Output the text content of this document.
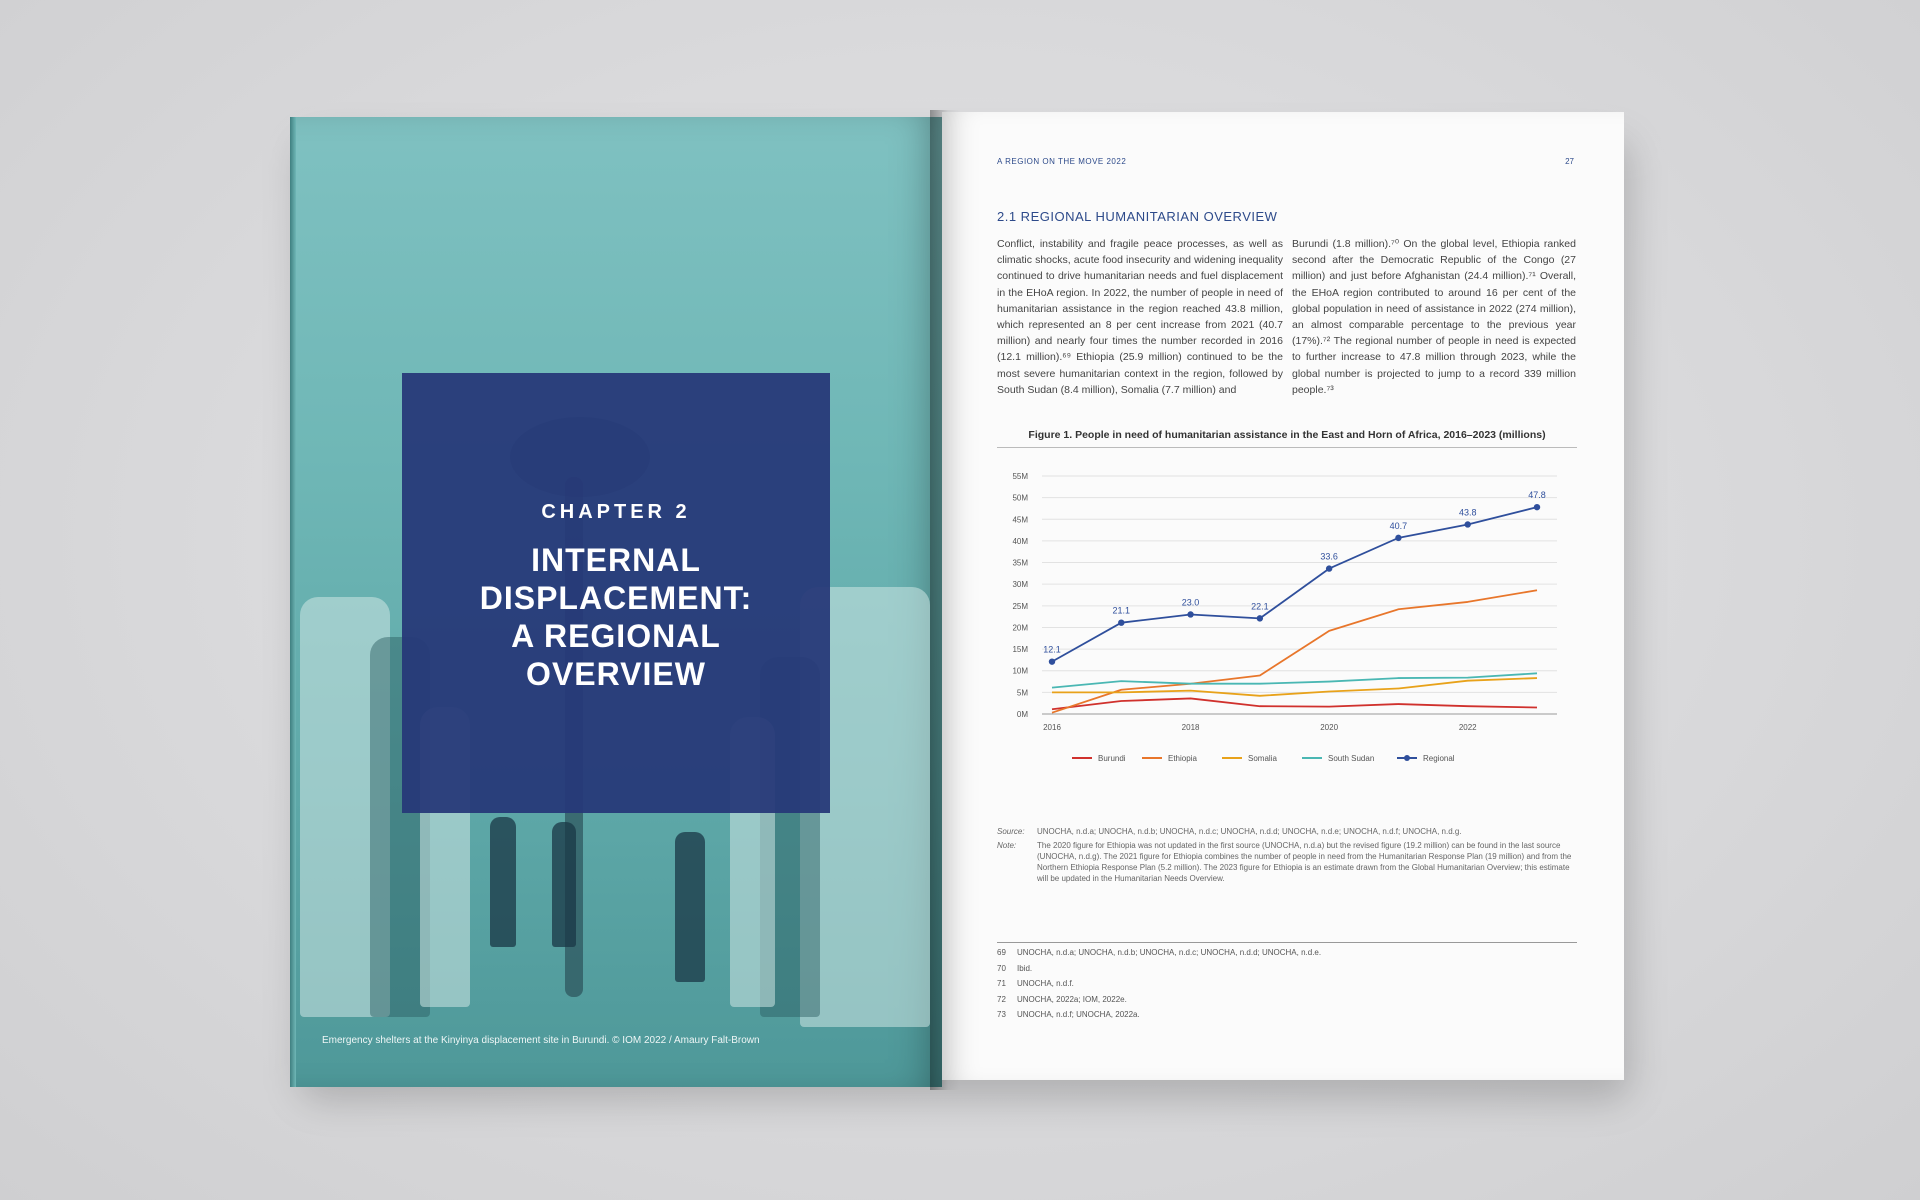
CHAPTER 2
INTERNAL
DISPLACEMENT:
A REGIONAL
OVERVIEW
Emergency shelters at the Kinyinya displacement site in Burundi. © IOM 2022 / Amaury Falt-Brown
A REGION ON THE MOVE 2022	27
2.1 REGIONAL HUMANITARIAN OVERVIEW
Conflict, instability and fragile peace processes, as well as climatic shocks, acute food insecurity and widening inequality continued to drive humanitarian needs and fuel displacement in the EHoA region. In 2022, the number of people in need of humanitarian assistance in the region reached 43.8 million, which represented an 8 per cent increase from 2021 (40.7 million) and nearly four times the number recorded in 2016 (12.1 million).⁶⁹ Ethiopia (25.9 million) continued to be the most severe humanitarian context in the region, followed by South Sudan (8.4 million), Somalia (7.7 million) and
Burundi (1.8 million).⁷⁰ On the global level, Ethiopia ranked second after the Democratic Republic of the Congo (27 million) and just before Afghanistan (24.4 million).⁷¹ Overall, the EHoA region contributed to around 16 per cent of the global population in need of assistance in 2022 (274 million), an almost comparable percentage to the previous year (17%).⁷² The regional number of people in need is expected to further increase to 47.8 million through 2023, while the global number is projected to jump to a record 339 million people.⁷³
Figure 1. People in need of humanitarian assistance in the East and Horn of Africa, 2016–2023 (millions)
0M
5M
10M
15M
20M
25M
30M
35M
40M
45M
50M
55M
2016	2018	2020	2022
12.1
21.1
23.0	22.1
33.6
40.7
43.8
47.8
Burundi	Ethiopia	Somalia	South Sudan	Regional
Source: UNOCHA, n.d.a; UNOCHA, n.d.b; UNOCHA, n.d.c; UNOCHA, n.d.d; UNOCHA, n.d.e; UNOCHA, n.d.f; UNOCHA, n.d.g.
Note:	The 2020 figure for Ethiopia was not updated in the first source (UNOCHA, n.d.a) but the revised figure (19.2 million) can be found in the last source (UNOCHA, n.d.g). The 2021 figure for Ethiopia combines the number of people in need from the Humanitarian Response Plan (19 million) and from the Northern Ethiopia Response Plan (5.2 million). The 2023 figure for Ethiopia is an estimate drawn from the Global Humanitarian Overview; this estimate will be updated in the Humanitarian Needs Overview.
69 UNOCHA, n.d.a; UNOCHA, n.d.b; UNOCHA, n.d.c; UNOCHA, n.d.d; UNOCHA, n.d.e.
70 Ibid.
71 UNOCHA, n.d.f.
72 UNOCHA, 2022a; IOM, 2022e.
73 UNOCHA, n.d.f; UNOCHA, 2022a.
